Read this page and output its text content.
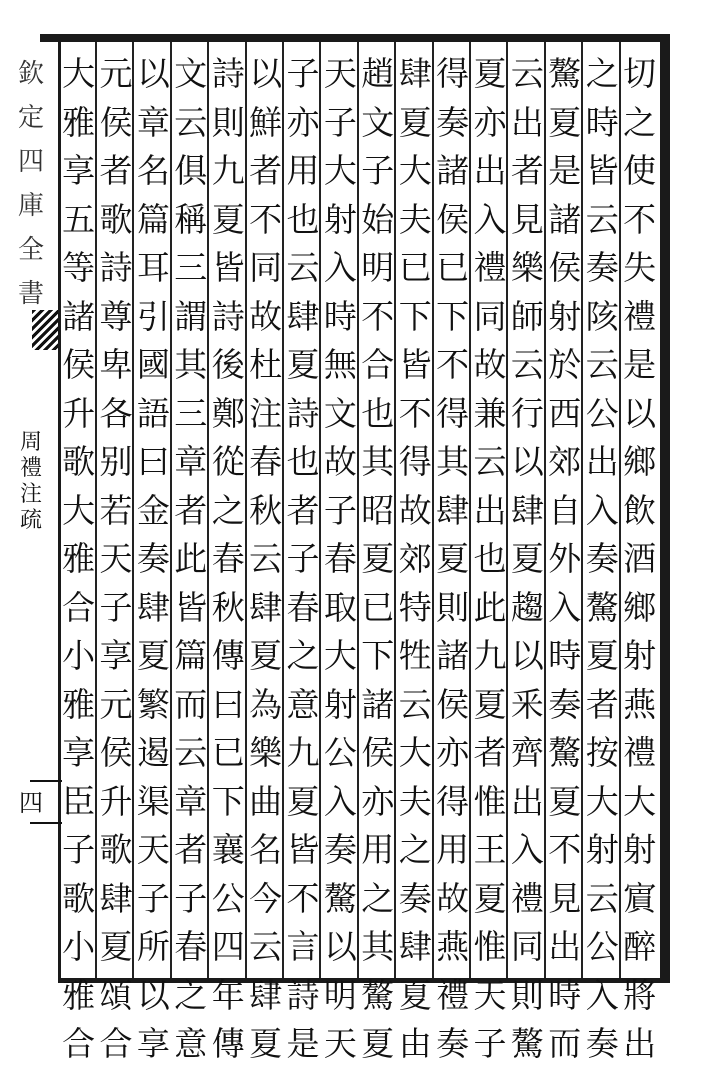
欽
定
四
庫
全
書
周
禮
注
疏
四
切
之
使
不
失
禮
是
以
鄉
飲
酒
鄉
射
燕
禮
大
射
賔
醉
將
出
之
時
皆
云
奏
陔
云
公
出
入
奏
驁
夏
者
按
大
射
云
公
入
奏
驁
夏
是
諸
侯
射
於
西
郊
自
外
入
時
奏
驁
夏
不
見
出
時
而
云
出
者
見
樂
師
云
行
以
肆
夏
趨
以
釆
齊
出
入
禮
同
則
驁
夏
亦
出
入
禮
同
故
兼
云
出
也
此
九
夏
者
惟
王
夏
惟
天
子
得
奏
諸
侯
已
下
不
得
其
肆
夏
則
諸
侯
亦
得
用
故
燕
禮
奏
肆
夏
大
夫
已
下
皆
不
得
故
郊
特
牲
云
大
夫
之
奏
肆
夏
由
趙
文
子
始
明
不
合
也
其
昭
夏
已
下
諸
侯
亦
用
之
其
驁
夏
天
子
大
射
入
時
無
文
故
子
春
取
大
射
公
入
奏
驁
以
明
天
子
亦
用
也
云
肆
夏
詩
也
者
子
春
之
意
九
夏
皆
不
言
詩
是
以
鮮
者
不
同
故
杜
注
春
秋
云
肆
夏
為
樂
曲
名
今
云
肆
夏
詩
則
九
夏
皆
詩
後
鄭
從
之
春
秋
傳
曰
已
下
襄
公
四
年
傳
文
云
俱
稱
三
謂
其
三
章
者
此
皆
篇
而
云
章
者
子
春
之
意
以
章
名
篇
耳
引
國
語
曰
金
奏
肆
夏
繁
遏
渠
天
子
所
以
享
元
侯
者
歌
詩
尊
卑
各
别
若
天
子
享
元
侯
升
歌
肆
夏
頌
合
大
雅
享
五
等
諸
侯
升
歌
大
雅
合
小
雅
享
臣
子
歌
小
雅
合
